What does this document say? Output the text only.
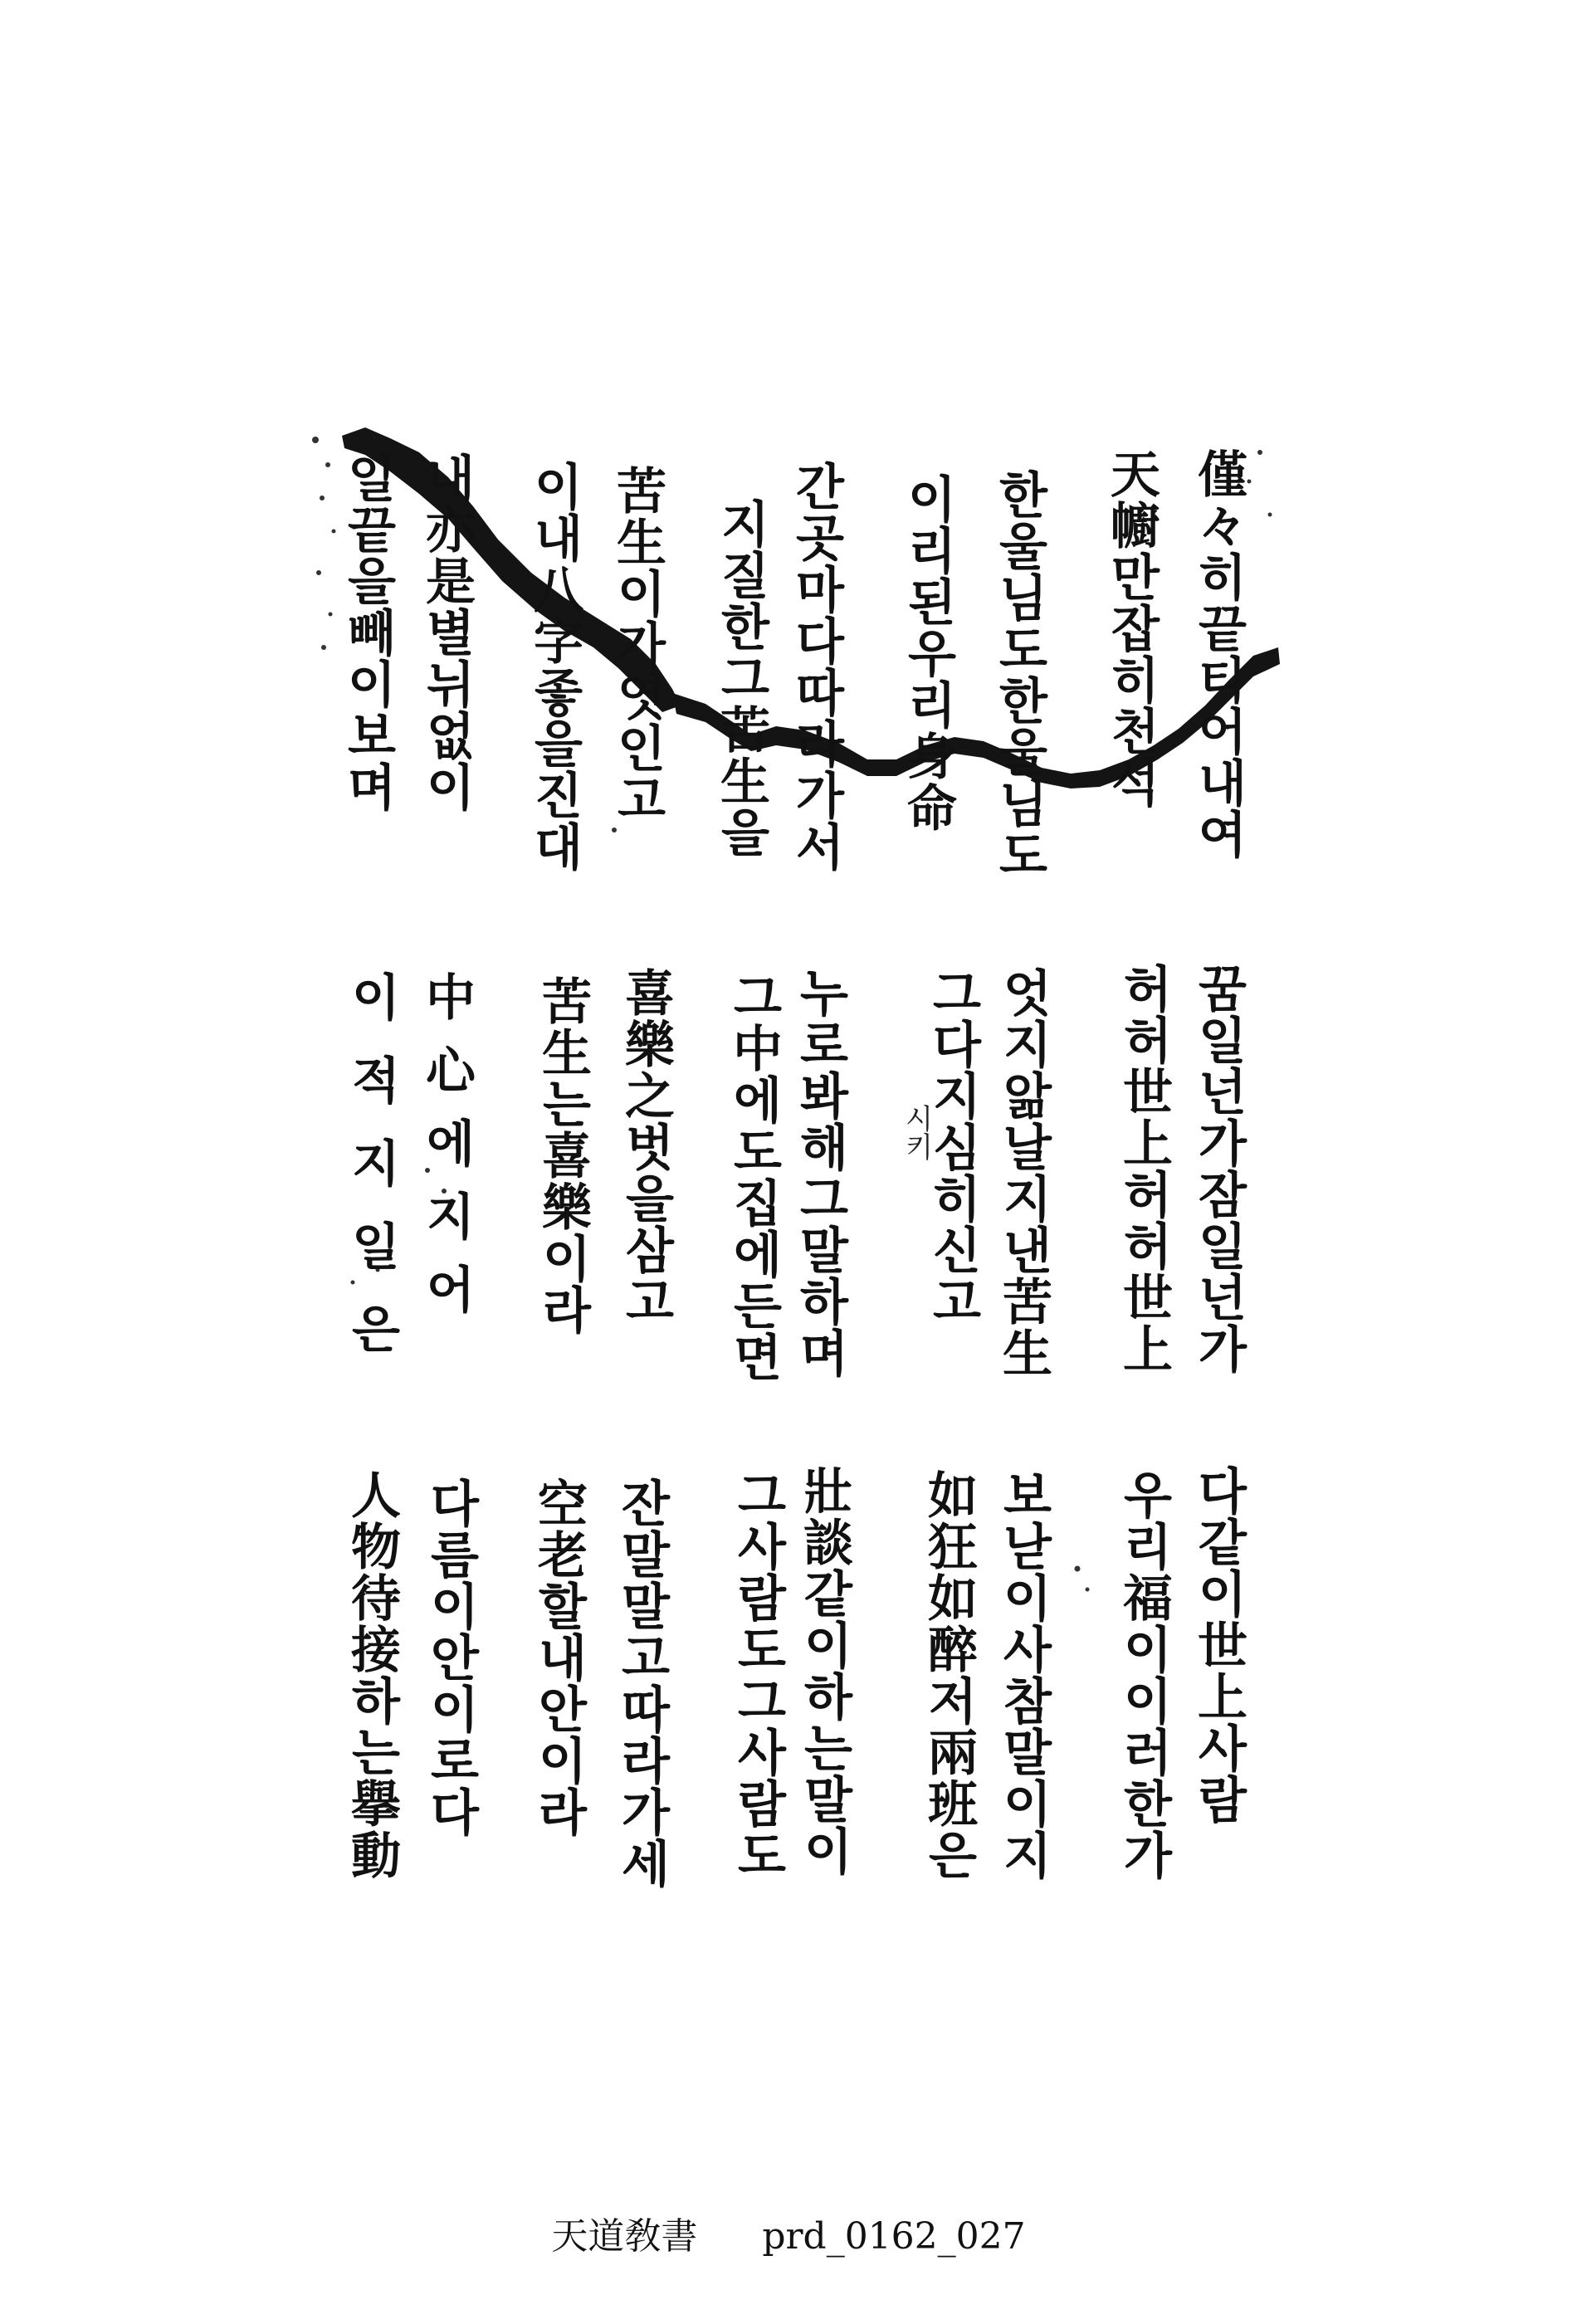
僅々히끝티어내여
天幮만잡히천석
한울님도한울님도
이리된우리身命
간곳마다따라가서
지질한그苦生을
苦生이가엿인고
이내八字좋을진대
내亦是별뉘없이
일끝을빼이보며
꿈일넌가잠일넌가
허허世上허허世上
엇지앎날지낸苦生
그다지심히신고
시키
누로봐해그말하며
그中에도집에든면
喜樂之벗을삼고
苦生는喜樂이라
中心에지어
이적지일은
다같이世上사람
우리福이이러한가
보낟이사참말이지
如狂如醉저兩班은
壯談같이하는말이
그사람도그사람도
잔말말고따라가세
空老할내안이라
다름이안이로다
人物待接하는擧動
天道敎書 prd_0162_027
